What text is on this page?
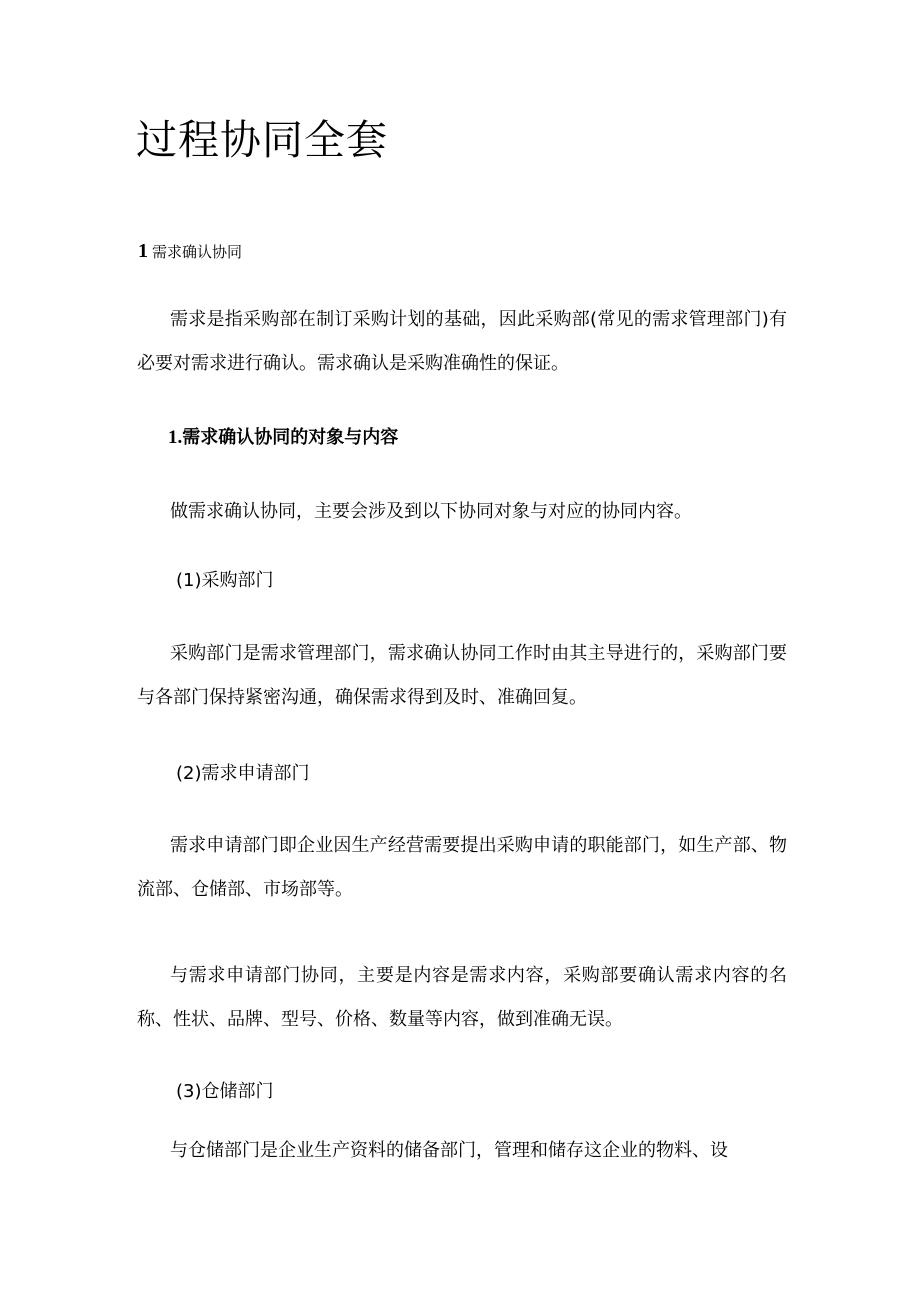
过程协同全套
1 需求确认协同

需求是指采购部在制订采购计划的基础，因此采购部(常见的需求管理部门)有必要对需求进行确认。需求确认是采购准确性的保证。

1.需求确认协同的对象与内容

做需求确认协同，主要会涉及到以下协同对象与对应的协同内容。

(1)采购部门

采购部门是需求管理部门，需求确认协同工作时由其主导进行的，采购部门要与各部门保持紧密沟通，确保需求得到及时、准确回复。

(2)需求申请部门

需求申请部门即企业因生产经营需要提出采购申请的职能部门，如生产部、物流部、仓储部、市场部等。

与需求申请部门协同，主要是内容是需求内容，采购部要确认需求内容的名称、性状、品牌、型号、价格、数量等内容，做到准确无误。

(3)仓储部门

与仓储部门是企业生产资料的储备部门，管理和储存这企业的物料、设
